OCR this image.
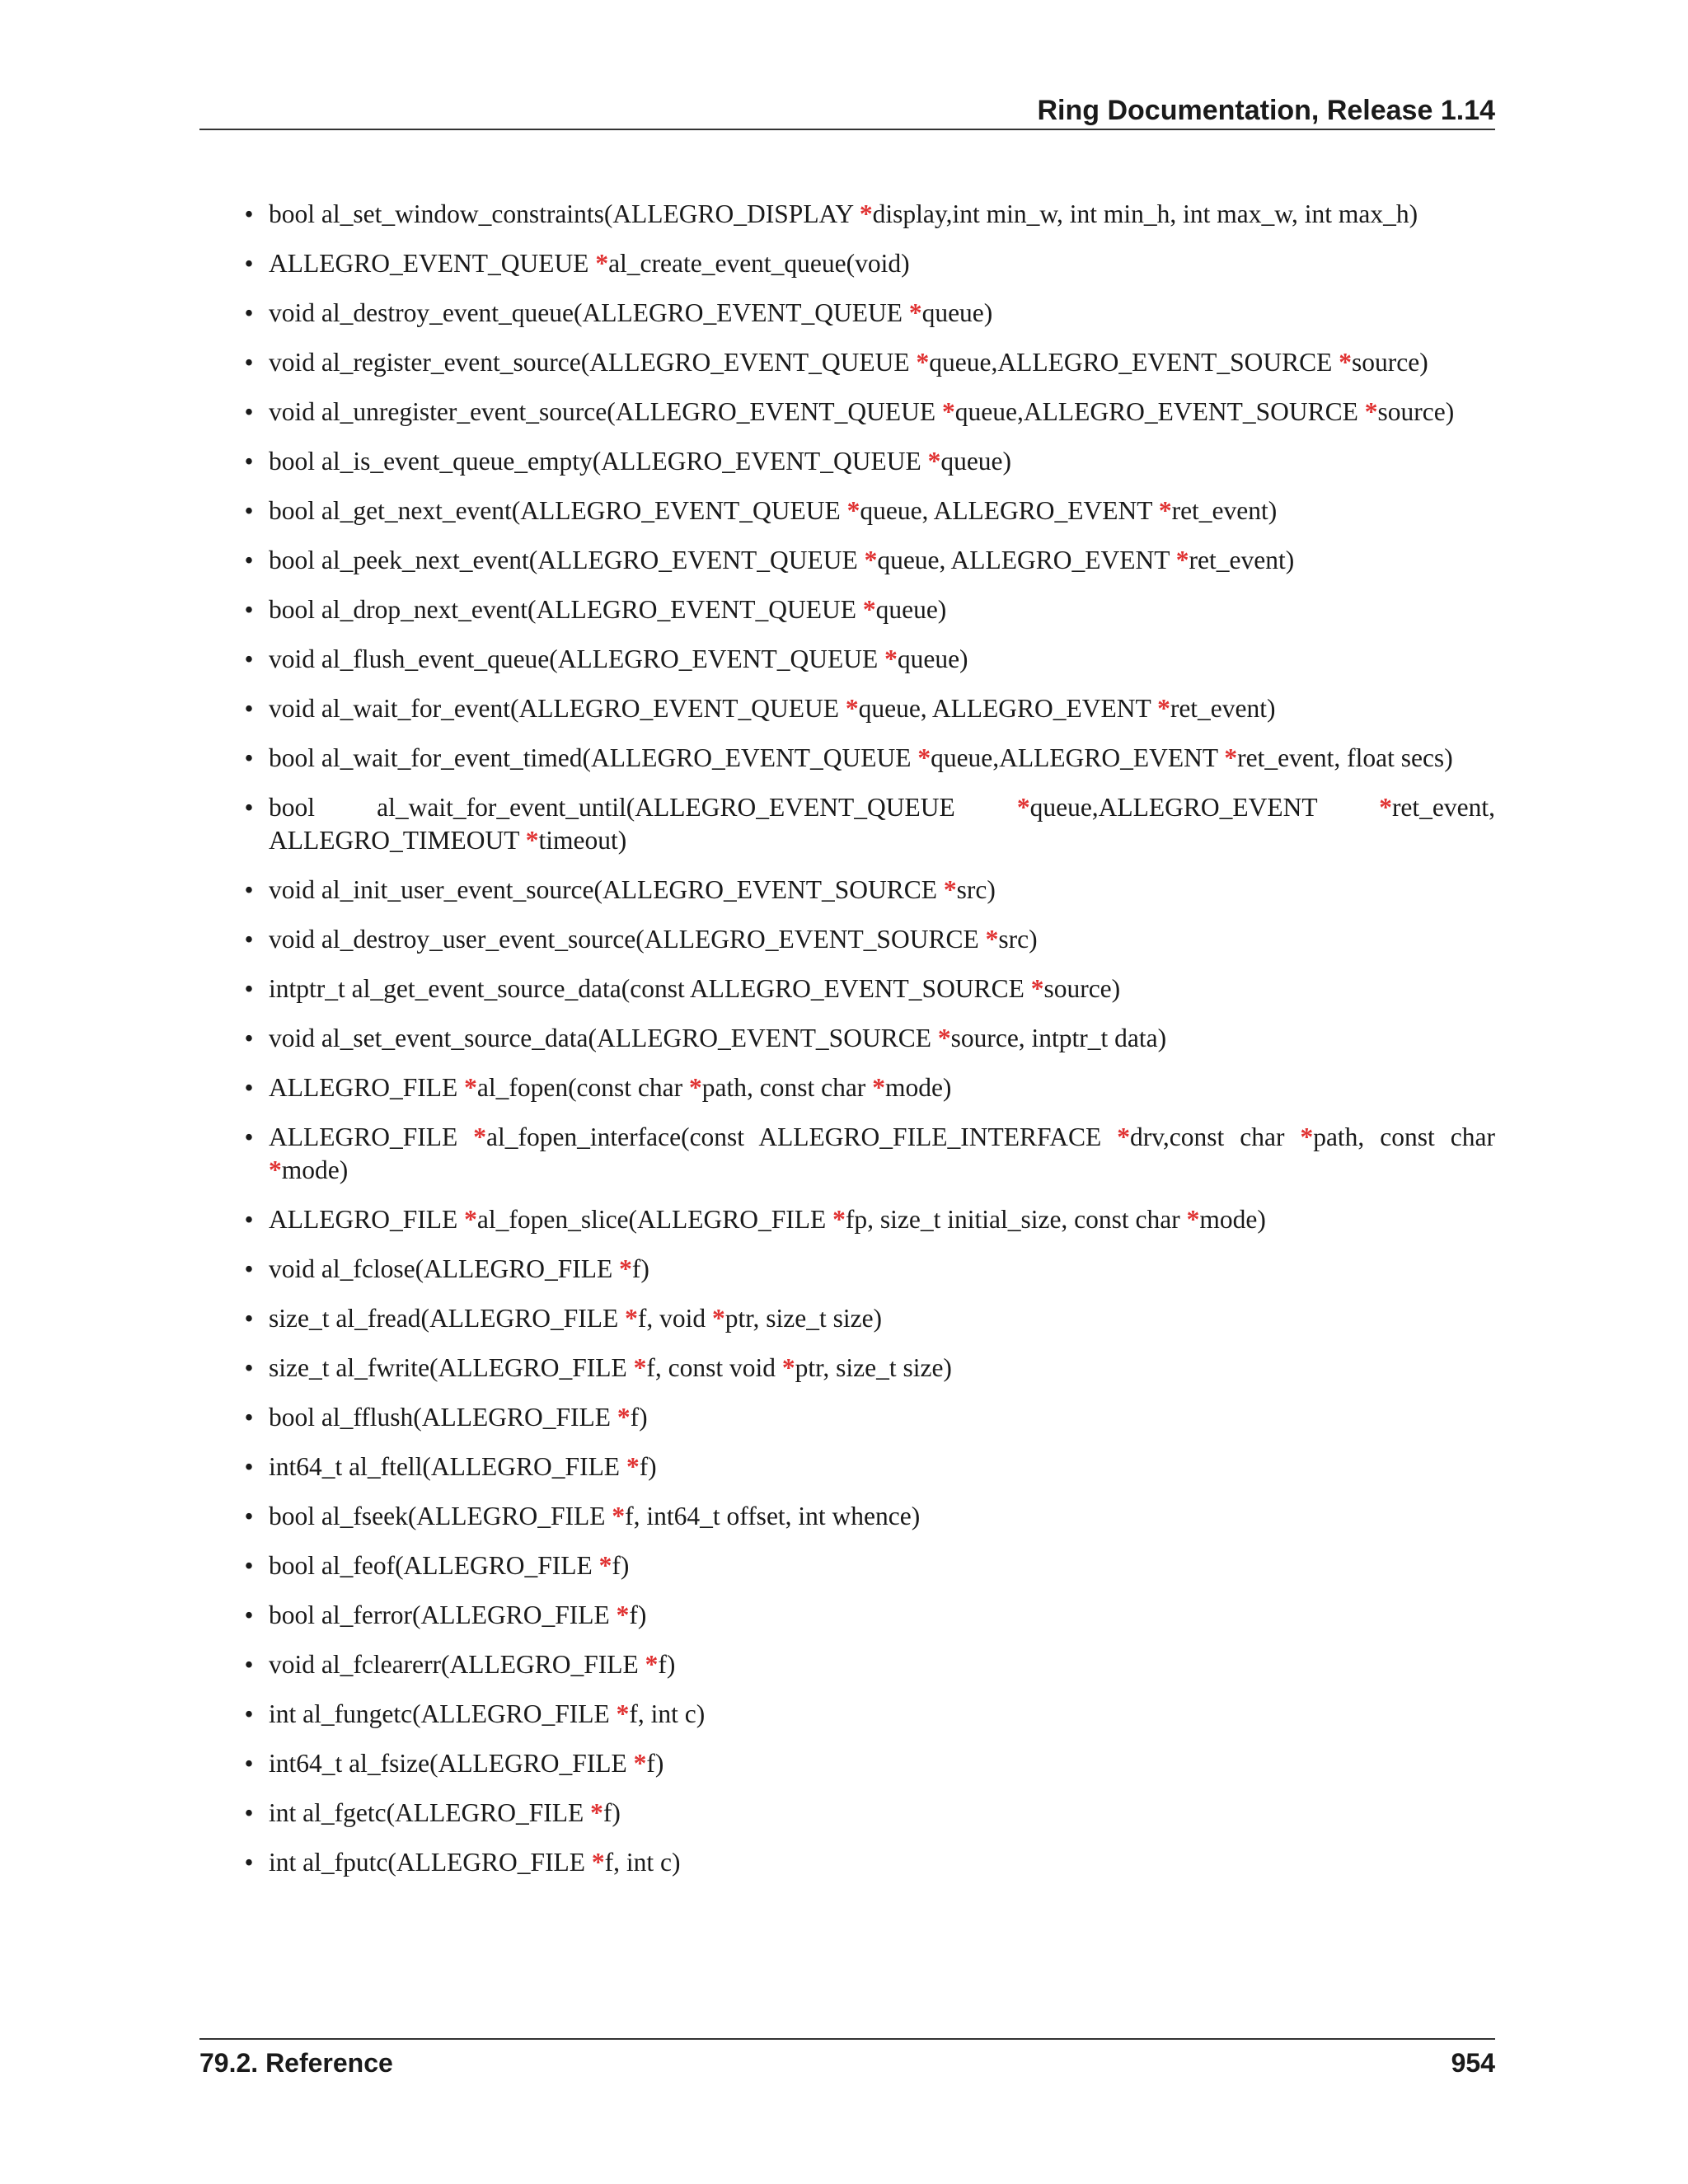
Ring Documentation, Release 1.14
• bool al_set_window_constraints(ALLEGRO_DISPLAY *display,int min_w, int min_h, int max_w, int max_h)
• ALLEGRO_EVENT_QUEUE *al_create_event_queue(void)
• void al_destroy_event_queue(ALLEGRO_EVENT_QUEUE *queue)
• void al_register_event_source(ALLEGRO_EVENT_QUEUE *queue,ALLEGRO_EVENT_SOURCE *source)
• void al_unregister_event_source(ALLEGRO_EVENT_QUEUE *queue,ALLEGRO_EVENT_SOURCE *source)
• bool al_is_event_queue_empty(ALLEGRO_EVENT_QUEUE *queue)
• bool al_get_next_event(ALLEGRO_EVENT_QUEUE *queue, ALLEGRO_EVENT *ret_event)
• bool al_peek_next_event(ALLEGRO_EVENT_QUEUE *queue, ALLEGRO_EVENT *ret_event)
• bool al_drop_next_event(ALLEGRO_EVENT_QUEUE *queue)
• void al_flush_event_queue(ALLEGRO_EVENT_QUEUE *queue)
• void al_wait_for_event(ALLEGRO_EVENT_QUEUE *queue, ALLEGRO_EVENT *ret_event)
• bool al_wait_for_event_timed(ALLEGRO_EVENT_QUEUE *queue,ALLEGRO_EVENT *ret_event, float secs)
• bool al_wait_for_event_until(ALLEGRO_EVENT_QUEUE *queue,ALLEGRO_EVENT *ret_event, ALLEGRO_TIMEOUT *timeout)
• void al_init_user_event_source(ALLEGRO_EVENT_SOURCE *src)
• void al_destroy_user_event_source(ALLEGRO_EVENT_SOURCE *src)
• intptr_t al_get_event_source_data(const ALLEGRO_EVENT_SOURCE *source)
• void al_set_event_source_data(ALLEGRO_EVENT_SOURCE *source, intptr_t data)
• ALLEGRO_FILE *al_fopen(const char *path, const char *mode)
• ALLEGRO_FILE *al_fopen_interface(const ALLEGRO_FILE_INTERFACE *drv,const char *path, const char *mode)
• ALLEGRO_FILE *al_fopen_slice(ALLEGRO_FILE *fp, size_t initial_size, const char *mode)
• void al_fclose(ALLEGRO_FILE *f)
• size_t al_fread(ALLEGRO_FILE *f, void *ptr, size_t size)
• size_t al_fwrite(ALLEGRO_FILE *f, const void *ptr, size_t size)
• bool al_fflush(ALLEGRO_FILE *f)
• int64_t al_ftell(ALLEGRO_FILE *f)
• bool al_fseek(ALLEGRO_FILE *f, int64_t offset, int whence)
• bool al_feof(ALLEGRO_FILE *f)
• bool al_ferror(ALLEGRO_FILE *f)
• void al_fclearerr(ALLEGRO_FILE *f)
• int al_fungetc(ALLEGRO_FILE *f, int c)
• int64_t al_fsize(ALLEGRO_FILE *f)
• int al_fgetc(ALLEGRO_FILE *f)
• int al_fputc(ALLEGRO_FILE *f, int c)
79.2. Reference	954
